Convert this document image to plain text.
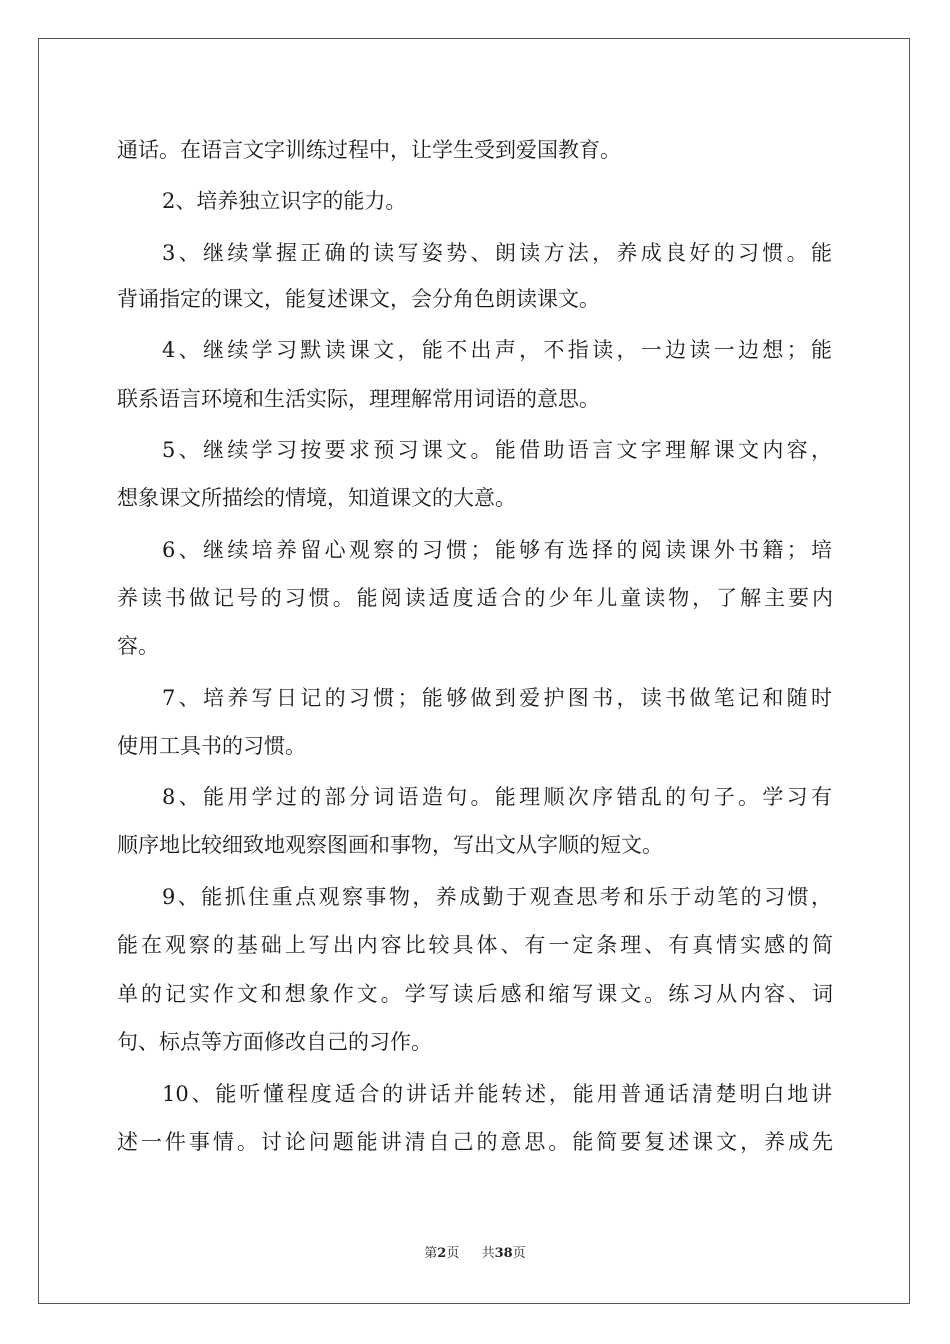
通话。在语言文字训练过程中，让学生受到爱国教育。

2、培养独立识字的能力。

3、继续掌握正确的读写姿势、朗读方法，养成良好的习惯。能

背诵指定的课文，能复述课文，会分角色朗读课文。

4、继续学习默读课文，能不出声，不指读，一边读一边想；能

联系语言环境和生活实际，理理解常用词语的意思。

5、继续学习按要求预习课文。能借助语言文字理解课文内容，

想象课文所描绘的情境，知道课文的大意。

6、继续培养留心观察的习惯；能够有选择的阅读课外书籍；培

养读书做记号的习惯。能阅读适度适合的少年儿童读物，了解主要内

容。

7、培养写日记的习惯；能够做到爱护图书，读书做笔记和随时

使用工具书的习惯。

8、能用学过的部分词语造句。能理顺次序错乱的句子。学习有

顺序地比较细致地观察图画和事物，写出文从字顺的短文。

9、能抓住重点观察事物，养成勤于观查思考和乐于动笔的习惯，

能在观察的基础上写出内容比较具体、有一定条理、有真情实感的简

单的记实作文和想象作文。学写读后感和缩写课文。练习从内容、词

句、标点等方面修改自己的习作。

10、能听懂程度适合的讲话并能转述，能用普通话清楚明白地讲

述一件事情。讨论问题能讲清自己的意思。能简要复述课文，养成先

第2页 共38页
